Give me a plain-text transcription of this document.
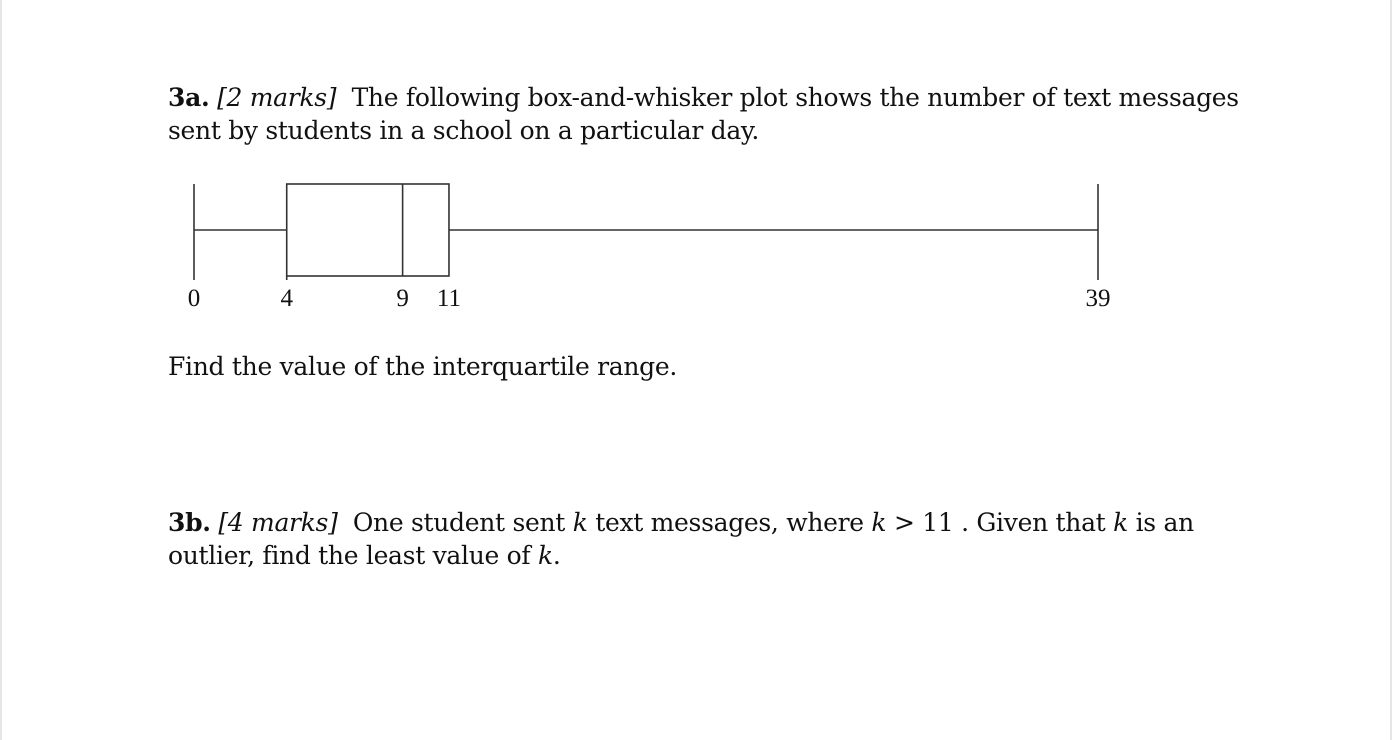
3a. [2 marks] The following box-and-whisker plot shows the number of text messages sent by students in a school on a particular day.
0	4	9 11	39
Find the value of the interquartile range.
3b. [4 marks] One student sent k text messages, where k > 11 . Given that k is an outlier, find the least value of k.
